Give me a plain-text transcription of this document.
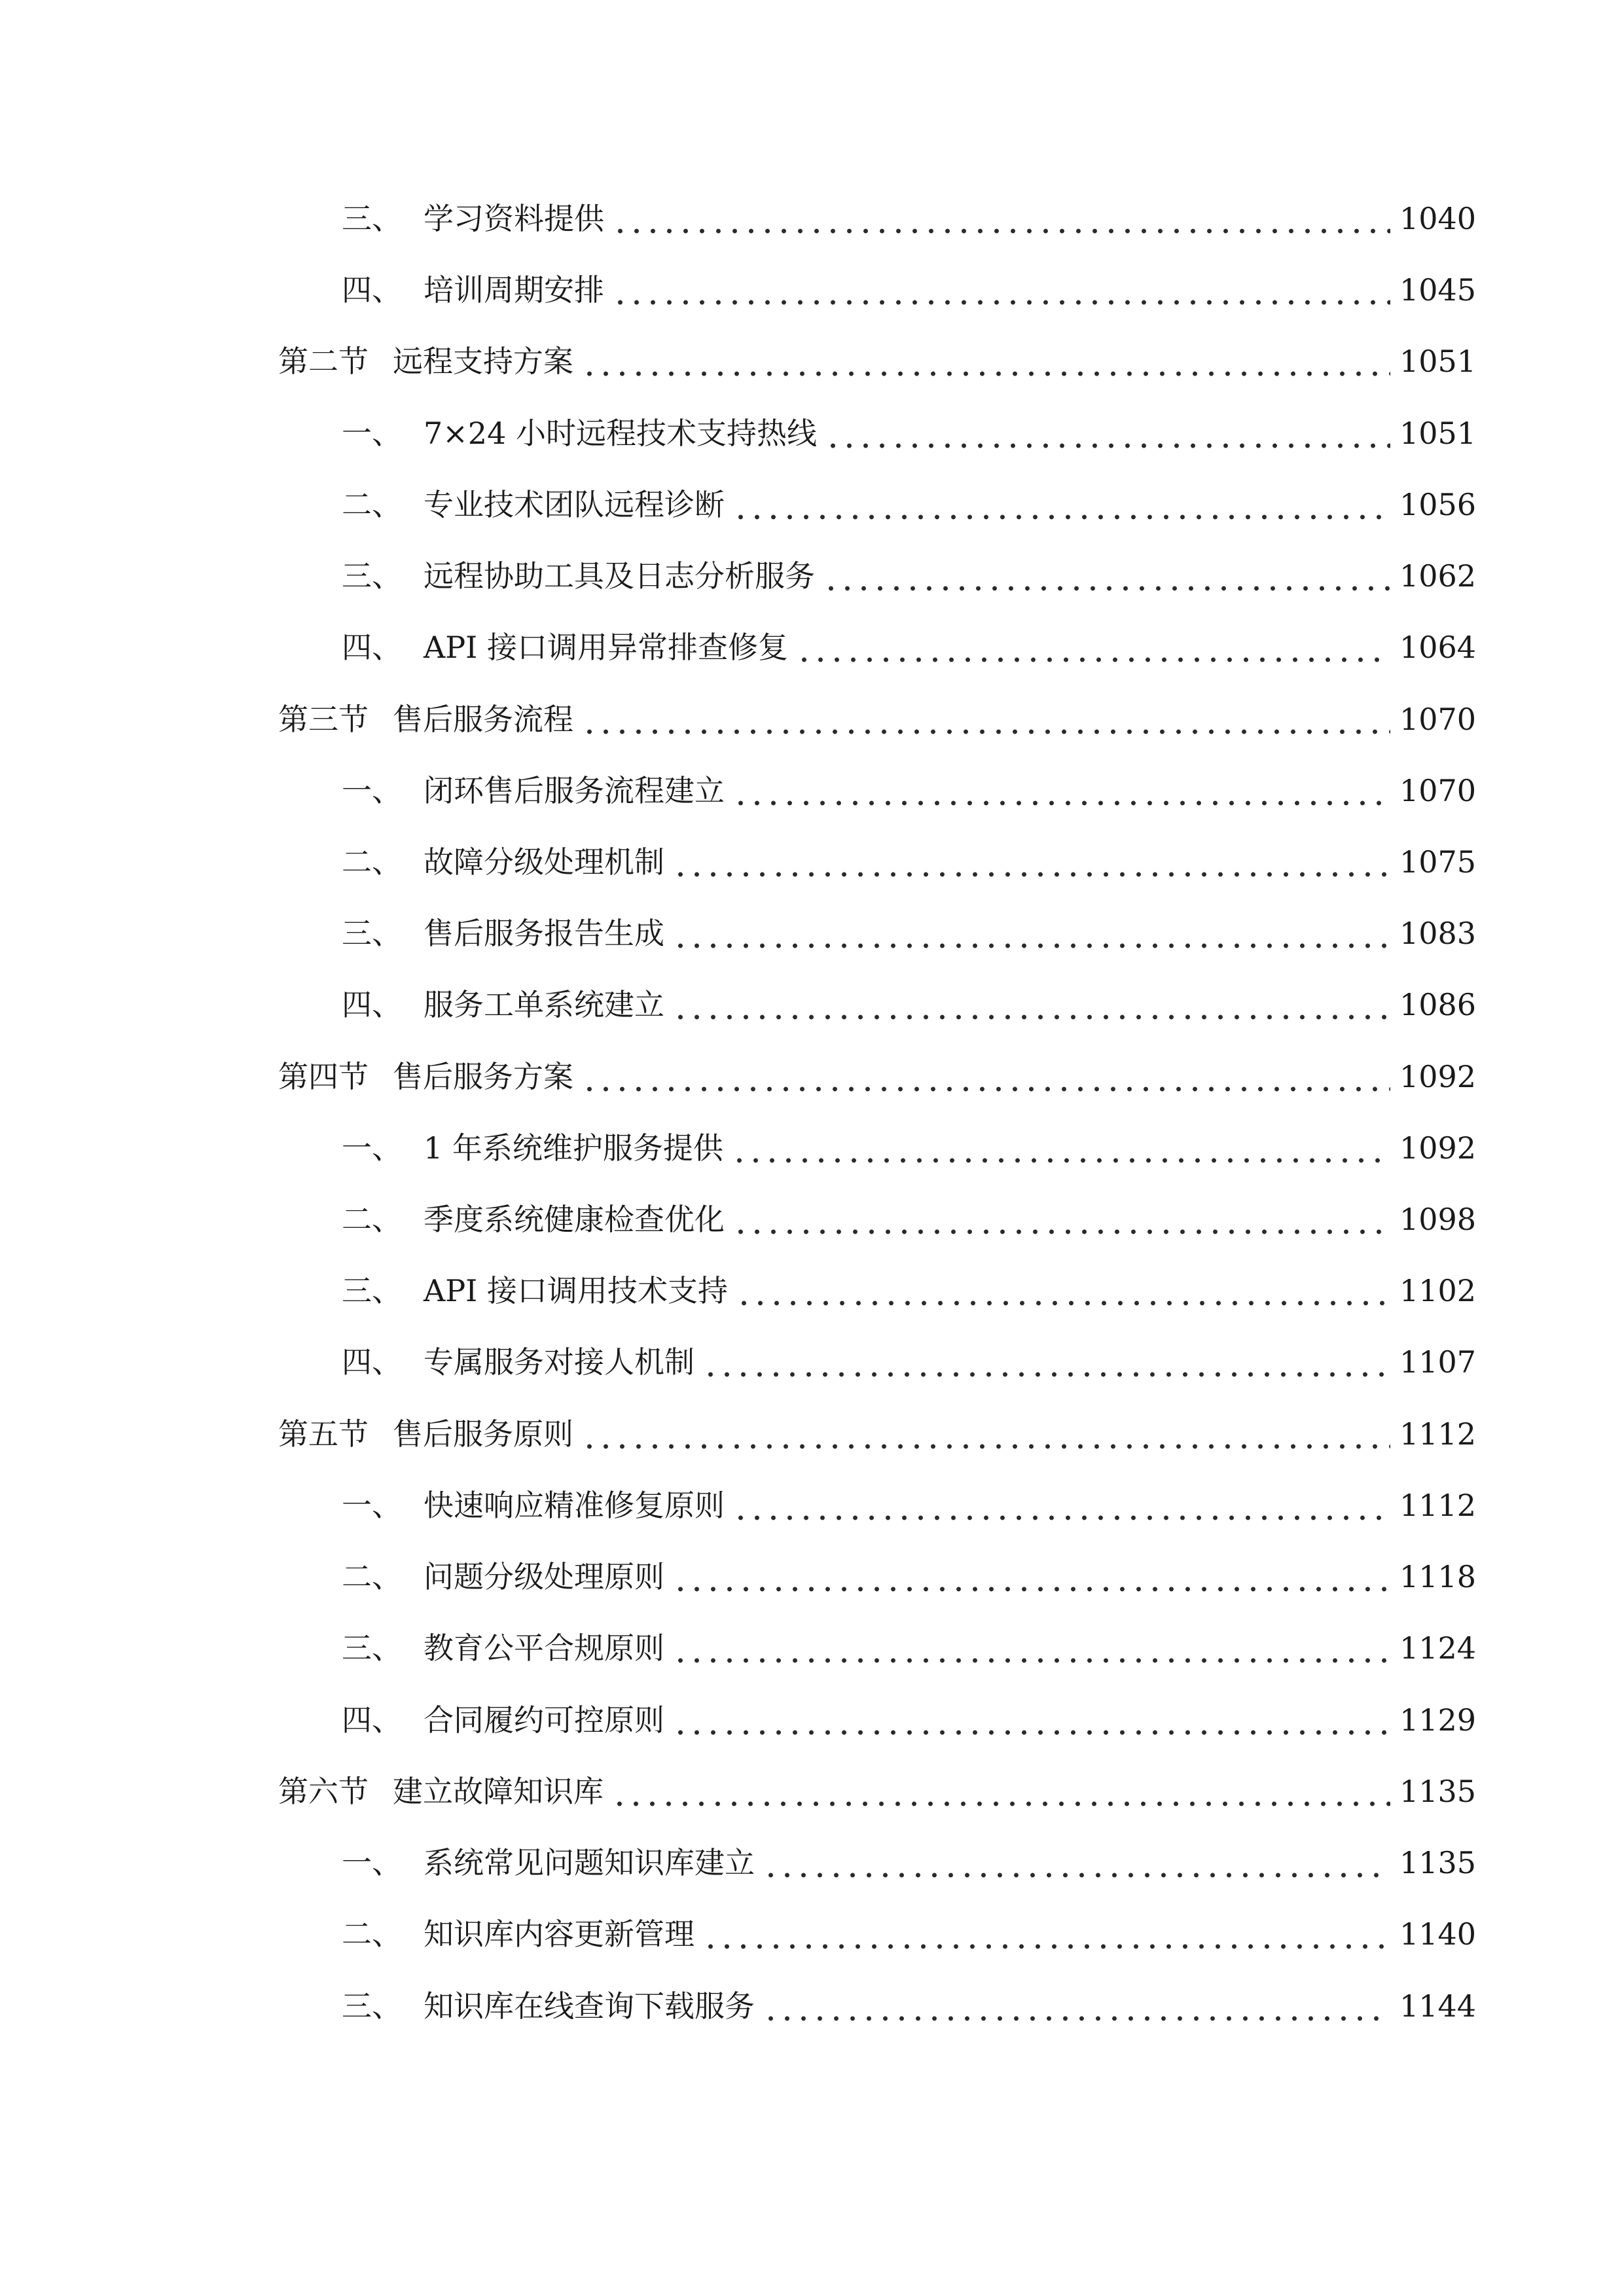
三、 学习资料提供	1040
四、 培训周期安排	1045
第二节 远程支持方案	1051
一、 7×24 小时远程技术支持热线	1051
二、 专业技术团队远程诊断	1056
三、 远程协助工具及日志分析服务	1062
四、 API 接口调用异常排查修复	1064
第三节 售后服务流程	1070
一、 闭环售后服务流程建立	1070
二、 故障分级处理机制	1075
三、 售后服务报告生成	1083
四、 服务工单系统建立	1086
第四节 售后服务方案	1092
一、 1 年系统维护服务提供	1092
二、 季度系统健康检查优化	1098
三、 API 接口调用技术支持	1102
四、 专属服务对接人机制	1107
第五节 售后服务原则	1112
一、 快速响应精准修复原则	1112
二、 问题分级处理原则	1118
三、 教育公平合规原则	1124
四、 合同履约可控原则	1129
第六节 建立故障知识库	1135
一、 系统常见问题知识库建立	1135
二、 知识库内容更新管理	1140
三、 知识库在线查询下载服务	1144
